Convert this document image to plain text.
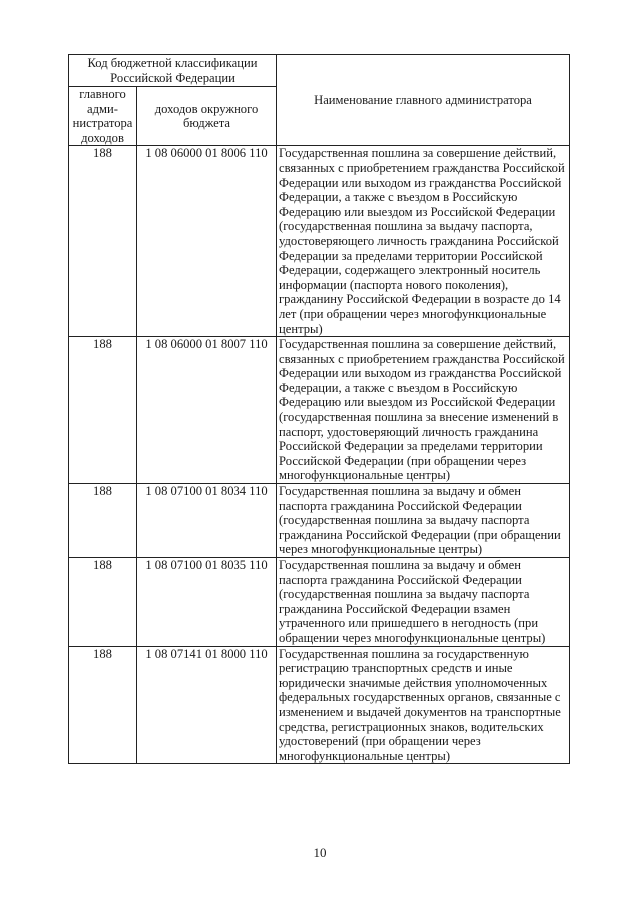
Код бюджетной классификации Российской Федерации		Наименование главного администратора
главного адми-нистратора доходов	доходов окружного бюджета	
188	1 08 06000 01 8006 110	Государственная пошлина за совершение действий, связанных с приобретением гражданства Российской Федерации или выходом из гражданства Российской Федерации, а также с въездом в Российскую Федерацию или выездом из Российской Федерации (государственная пошлина за выдачу паспорта, удостоверяющего личность гражданина Российской Федерации за пределами территории Российской Федерации, содержащего электронный носитель информации (паспорта нового поколения), гражданину Российской Федерации в возрасте до 14 лет (при обращении через многофункциональные центры)
188	1 08 06000 01 8007 110	Государственная пошлина за совершение действий, связанных с приобретением гражданства Российской Федерации или выходом из гражданства Российской Федерации, а также с въездом в Российскую Федерацию или выездом из Российской Федерации (государственная пошлина за внесение изменений в паспорт, удостоверяющий личность гражданина Российской Федерации за пределами территории Российской Федерации (при обращении через многофункциональные центры)
188	1 08 07100 01 8034 110	Государственная пошлина за выдачу и обмен паспорта гражданина Российской Федерации (государственная пошлина за выдачу паспорта гражданина Российской Федерации (при обращении через многофункциональные центры)
188	1 08 07100 01 8035 110	Государственная пошлина за выдачу и обмен паспорта гражданина Российской Федерации (государственная пошлина за выдачу паспорта гражданина Российской Федерации взамен утраченного или пришедшего в негодность (при обращении через многофункциональные центры)
188	1 08 07141 01 8000 110	Государственная пошлина за государственную регистрацию транспортных средств и иные юридически значимые действия уполномоченных федеральных государственных органов, связанные с изменением и выдачей документов на транспортные средства, регистрационных знаков, водительских удостоверений (при обращении через многофункциональные центры)
10
